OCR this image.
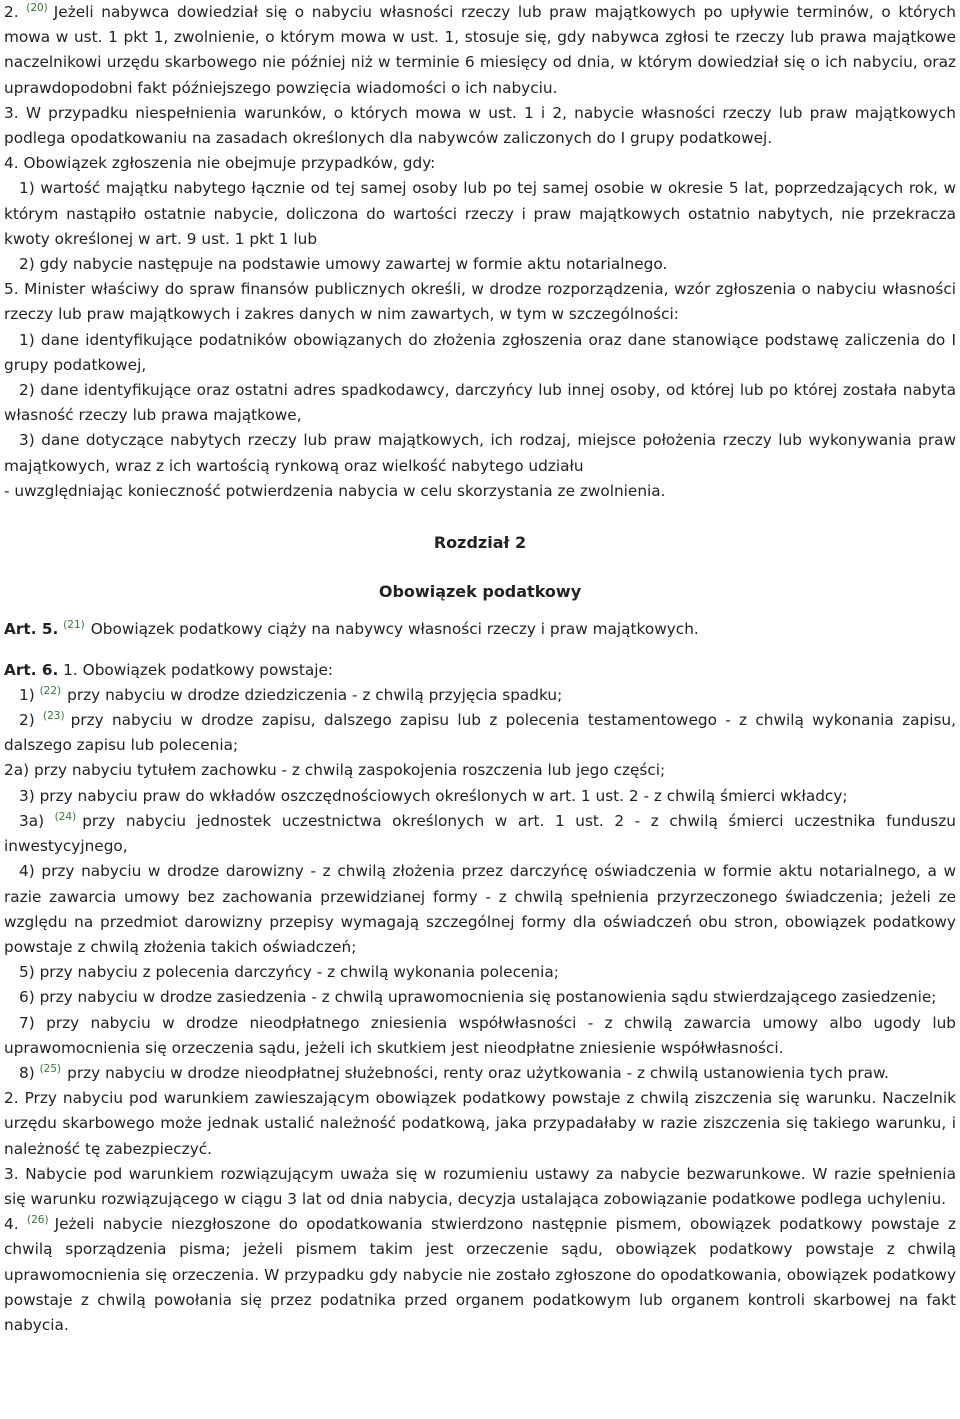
2. $^{(20)}$ Jeżeli nabywca dowiedział się o nabyciu własności rzeczy lub praw majątkowych po upływie terminów, o których mowa w ust. 1 pkt 1, zwolnienie, o którym mowa w ust. 1, stosuje się, gdy nabywca zgłosi te rzeczy lub prawa majątkowe naczelnikowi urzędu skarbowego nie później niż w terminie 6 miesięcy od dnia, w którym dowiedział się o ich nabyciu, oraz uprawdopodobni fakt późniejszego powzięcia wiadomości o ich nabyciu.

3. W przypadku niespełnienia warunków, o których mowa w ust. 1 i 2, nabycie własności rzeczy lub praw majątkowych podlega opodatkowaniu na zasadach określonych dla nabywców zaliczonych do I grupy podatkowej.

4. Obowiązek zgłoszenia nie obejmuje przypadków, gdy:

1) wartość majątku nabytego łącznie od tej samej osoby lub po tej samej osobie w okresie 5 lat, poprzedzających rok, w którym nastąpiło ostatnie nabycie, doliczona do wartości rzeczy i praw majątkowych ostatnio nabytych, nie przekracza kwoty określonej w art. 9 ust. 1 pkt 1 lub

2) gdy nabycie następuje na podstawie umowy zawartej w formie aktu notarialnego.

5. Minister właściwy do spraw finansów publicznych określi, w drodze rozporządzenia, wzór zgłoszenia o nabyciu własności rzeczy lub praw majątkowych i zakres danych w nim zawartych, w tym w szczególności:

1) dane identyfikujące podatników obowiązanych do złożenia zgłoszenia oraz dane stanowiące podstawę zaliczenia do I grupy podatkowej,

2) dane identyfikujące oraz ostatni adres spadkodawcy, darczyńcy lub innej osoby, od której lub po której została nabyta własność rzeczy lub prawa majątkowe,

3) dane dotyczące nabytych rzeczy lub praw majątkowych, ich rodzaj, miejsce położenia rzeczy lub wykonywania praw majątkowych, wraz z ich wartością rynkową oraz wielkość nabytego udziału

- uwzględniając konieczność potwierdzenia nabycia w celu skorzystania ze zwolnienia.

Rozdział 2

Obowiązek podatkowy

Art. 5. $^{(21)}$ Obowiązek podatkowy ciąży na nabywcy własności rzeczy i praw majątkowych.

Art. 6. 1. Obowiązek podatkowy powstaje:

1) $^{(22)}$ przy nabyciu w drodze dziedziczenia - z chwilą przyjęcia spadku;

2) $^{(23)}$ przy nabyciu w drodze zapisu, dalszego zapisu lub z polecenia testamentowego - z chwilą wykonania zapisu, dalszego zapisu lub polecenia;

2a) przy nabyciu tytułem zachowku - z chwilą zaspokojenia roszczenia lub jego części;

3) przy nabyciu praw do wkładów oszczędnościowych określonych w art. 1 ust. 2 - z chwilą śmierci wkładcy;

3a) $^{(24)}$ przy nabyciu jednostek uczestnictwa określonych w art. 1 ust. 2 - z chwilą śmierci uczestnika funduszu inwestycyjnego,

4) przy nabyciu w drodze darowizny - z chwilą złożenia przez darczyńcę oświadczenia w formie aktu notarialnego, a w razie zawarcia umowy bez zachowania przewidzianej formy - z chwilą spełnienia przyrzeczonego świadczenia; jeżeli ze względu na przedmiot darowizny przepisy wymagają szczególnej formy dla oświadczeń obu stron, obowiązek podatkowy powstaje z chwilą złożenia takich oświadczeń;

5) przy nabyciu z polecenia darczyńcy - z chwilą wykonania polecenia;

6) przy nabyciu w drodze zasiedzenia - z chwilą uprawomocnienia się postanowienia sądu stwierdzającego zasiedzenie;

7) przy nabyciu w drodze nieodpłatnego zniesienia współwłasności - z chwilą zawarcia umowy albo ugody lub uprawomocnienia się orzeczenia sądu, jeżeli ich skutkiem jest nieodpłatne zniesienie współwłasności.

8) $^{(25)}$ przy nabyciu w drodze nieodpłatnej służebności, renty oraz użytkowania - z chwilą ustanowienia tych praw.

2. Przy nabyciu pod warunkiem zawieszającym obowiązek podatkowy powstaje z chwilą ziszczenia się warunku. Naczelnik urzędu skarbowego może jednak ustalić należność podatkową, jaka przypadałaby w razie ziszczenia się takiego warunku, i należność tę zabezpieczyć.

3. Nabycie pod warunkiem rozwiązującym uważa się w rozumieniu ustawy za nabycie bezwarunkowe. W razie spełnienia się warunku rozwiązującego w ciągu 3 lat od dnia nabycia, decyzja ustalająca zobowiązanie podatkowe podlega uchyleniu.

4. $^{(26)}$ Jeżeli nabycie niezgłoszone do opodatkowania stwierdzono następnie pismem, obowiązek podatkowy powstaje z chwilą sporządzenia pisma; jeżeli pismem takim jest orzeczenie sądu, obowiązek podatkowy powstaje z chwilą uprawomocnienia się orzeczenia. W przypadku gdy nabycie nie zostało zgłoszone do opodatkowania, obowiązek podatkowy powstaje z chwilą powołania się przez podatnika przed organem podatkowym lub organem kontroli skarbowej na fakt nabycia.
